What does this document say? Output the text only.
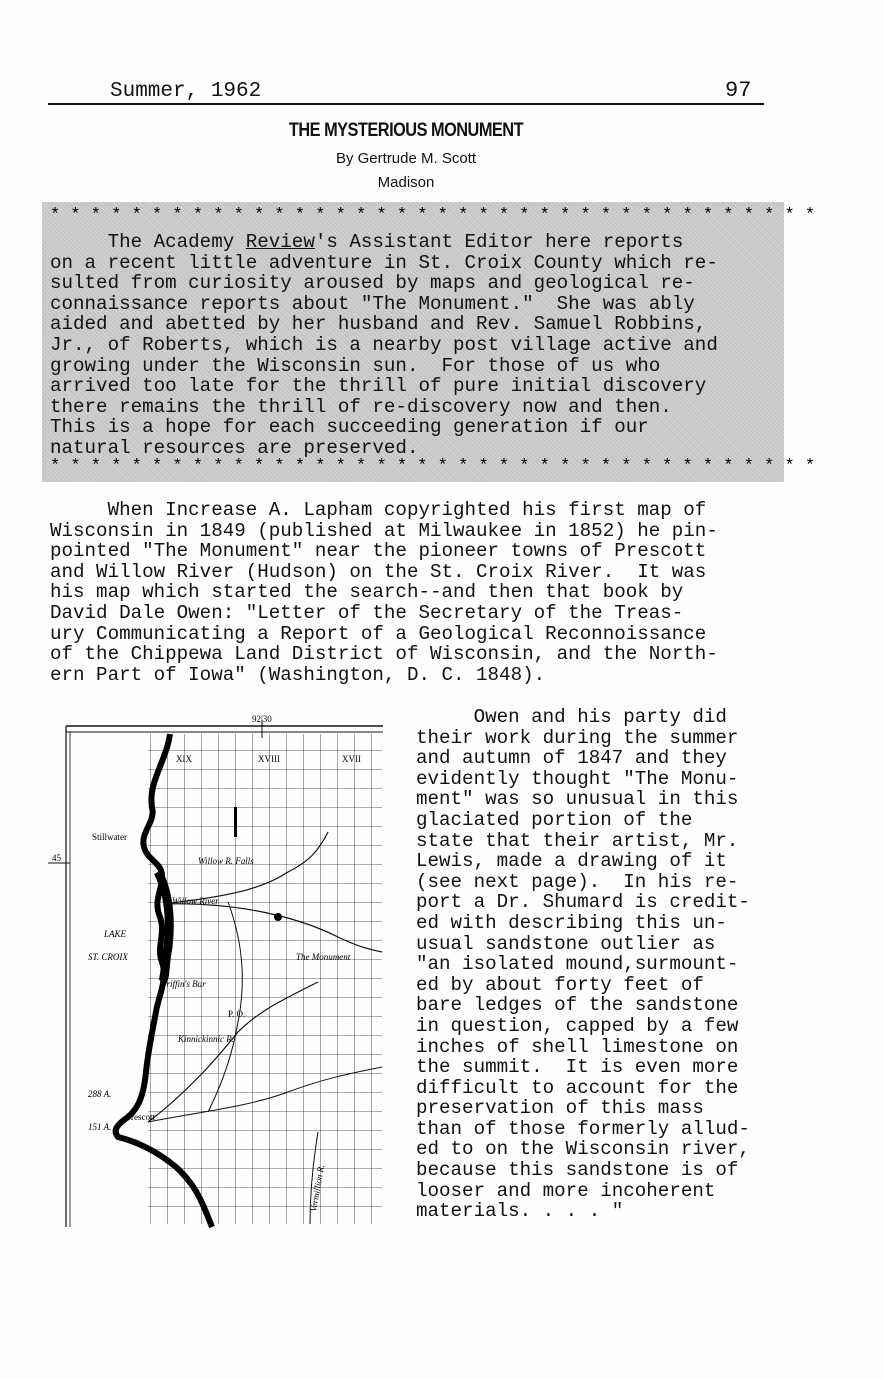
Summer, 1962	97
THE MYSTERIOUS MONUMENT
By Gertrude M. Scott
Madison
* * * * * * * * * * * * * * * * * * * * * * * * * * * * * * * * * * * * * *
The Academy Review's Assistant Editor here reports
on a recent little adventure in St. Croix County which re-
sulted from curiosity aroused by maps and geological re-
connaissance reports about "The Monument."  She was ably
aided and abetted by her husband and Rev. Samuel Robbins,
Jr., of Roberts, which is a nearby post village active and
growing under the Wisconsin sun.  For those of us who
arrived too late for the thrill of pure initial discovery
there remains the thrill of re-discovery now and then.
This is a hope for each succeeding generation if our
natural resources are preserved.
* * * * * * * * * * * * * * * * * * * * * * * * * * * * * * * * * * * * * *
When Increase A. Lapham copyrighted his first map of
Wisconsin in 1849 (published at Milwaukee in 1852) he pin-
pointed "The Monument" near the pioneer towns of Prescott
and Willow River (Hudson) on the St. Croix River.  It was
his map which started the search--and then that book by
David Dale Owen: "Letter of the Secretary of the Treas-
ury Communicating a Report of a Geological Reconnoissance
of the Chippewa Land District of Wisconsin, and the North-
ern Part of Iowa" (Washington, D. C. 1848).
92|30
45
XIX	XVIII	XVII
Stillwater
Willow R. Falls
Willow River
LAKE
ST. CROIX	The Monument
Griffin's Bar
P. O.
Kinnickinnic R.
288 A.
151 A.
Prescott
Vermillion R.
Owen and his party did
their work during the summer
and autumn of 1847 and they
evidently thought "The Monu-
ment" was so unusual in this
glaciated portion of the
state that their artist, Mr.
Lewis, made a drawing of it
(see next page).  In his re-
port a Dr. Shumard is credit-
ed with describing this un-
usual sandstone outlier as
"an isolated mound,surmount-
ed by about forty feet of
bare ledges of the sandstone
in question, capped by a few
inches of shell limestone on
the summit.  It is even more
difficult to account for the
preservation of this mass
than of those formerly allud-
ed to on the Wisconsin river,
because this sandstone is of
looser and more incoherent
materials. . . . "
